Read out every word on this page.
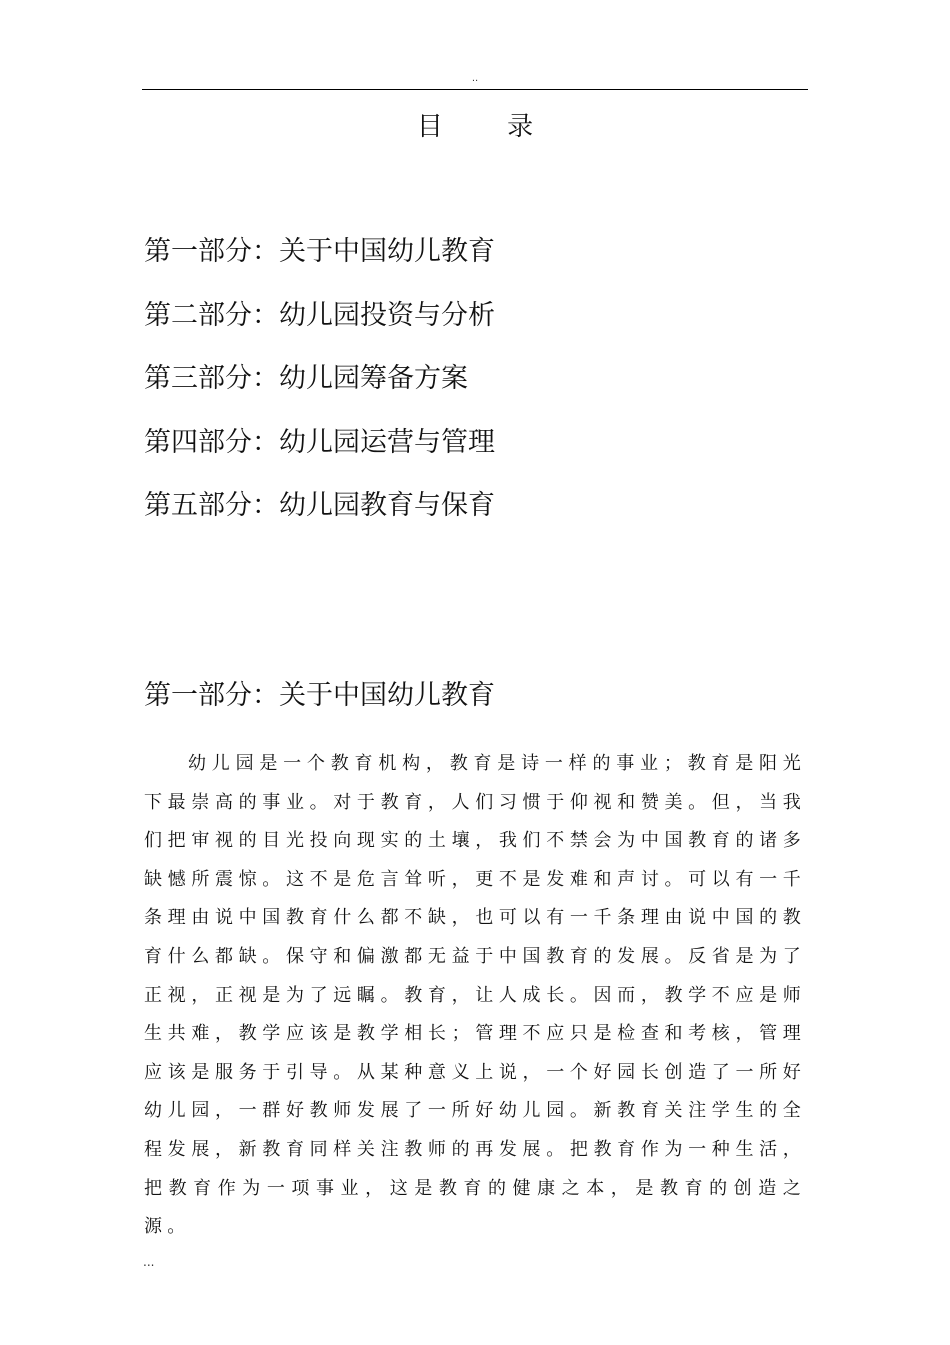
..
目 录
第一部分：关于中国幼儿教育
第二部分：幼儿园投资与分析
第三部分：幼儿园筹备方案
第四部分：幼儿园运营与管理
第五部分：幼儿园教育与保育
第一部分：关于中国幼儿教育

幼儿园是一个教育机构，教育是诗一样的事业；教育是阳光下最崇高的事业。对于教育，人们习惯于仰视和赞美。但，当我们把审视的目光投向现实的土壤，我们不禁会为中国教育的诸多缺憾所震惊。这不是危言耸听，更不是发难和声讨。可以有一千条理由说中国教育什么都不缺，也可以有一千条理由说中国的教育什么都缺。保守和偏激都无益于中国教育的发展。反省是为了正视，正视是为了远瞩。教育，让人成长。因而，教学不应是师生共难，教学应该是教学相长；管理不应只是检查和考核，管理应该是服务于引导。从某种意义上说，一个好园长创造了一所好幼儿园，一群好教师发展了一所好幼儿园。新教育关注学生的全程发展，新教育同样关注教师的再发展。把教育作为一种生活，把教育作为一项事业，这是教育的健康之本，是教育的创造之源。

...
